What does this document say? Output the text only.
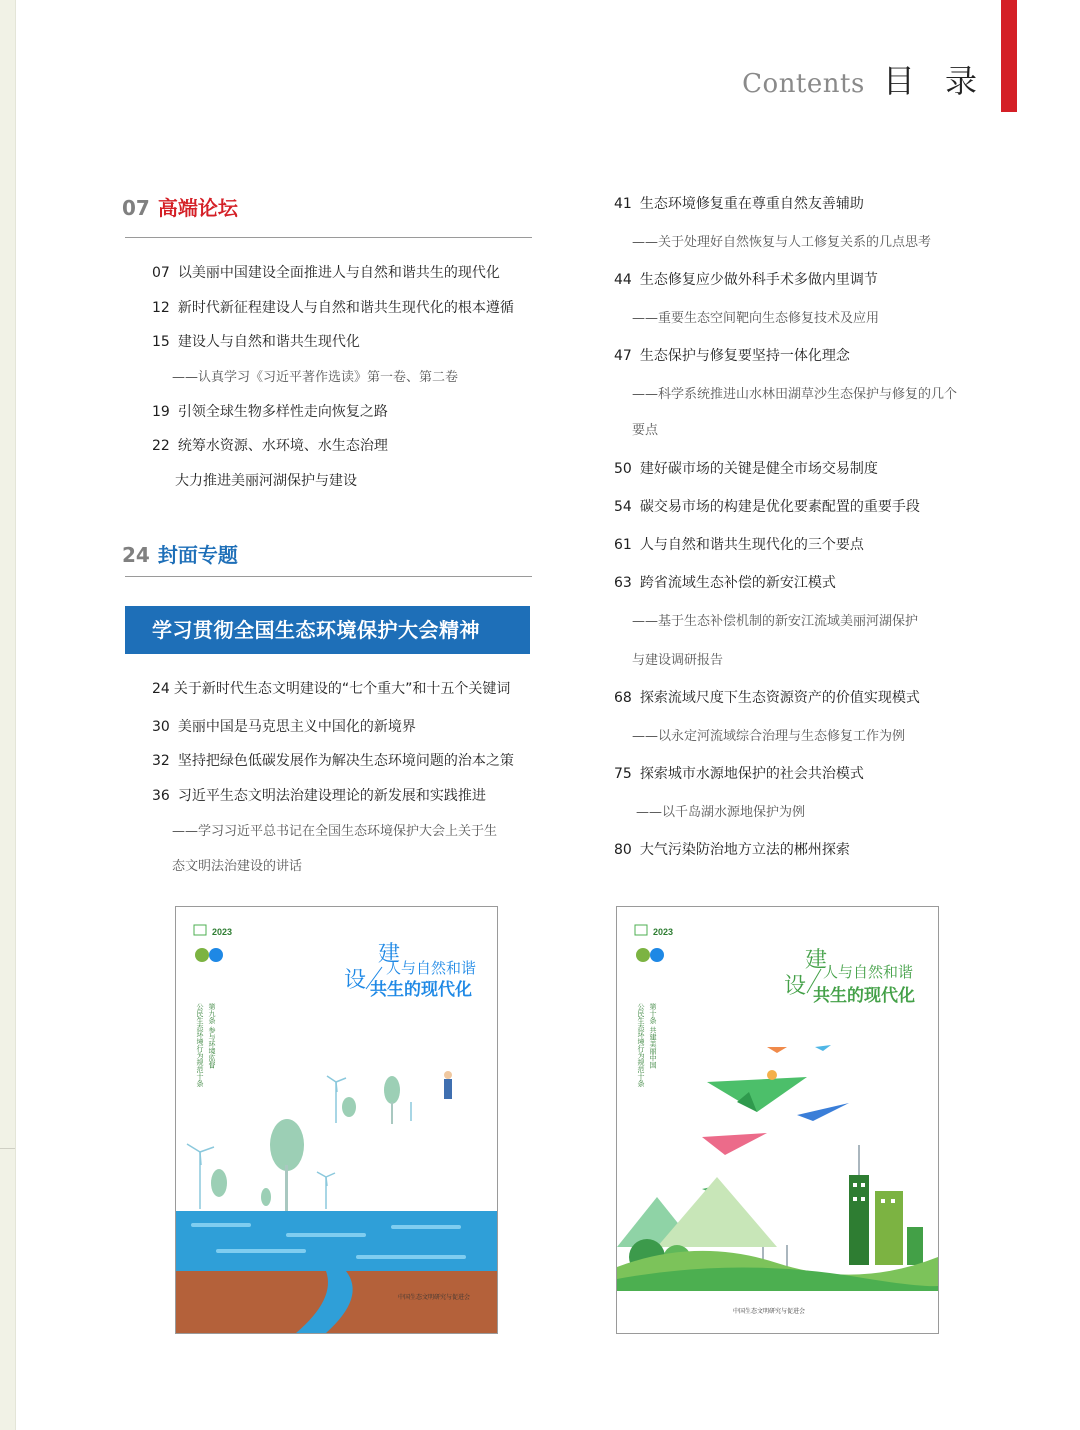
Contents 目 录
07 高端论坛
24 封面专题
学习贯彻全国生态环境保护大会精神
07 以美丽中国建设全面推进人与自然和谐共生的现代化
12 新时代新征程建设人与自然和谐共生现代化的根本遵循
15 建设人与自然和谐共生现代化
——认真学习《习近平著作选读》第一卷、第二卷
19 引领全球生物多样性走向恢复之路
22 统筹水资源、水环境、水生态治理
大力推进美丽河湖保护与建设
24 关于新时代生态文明建设的“七个重大”和十五个关键词
30 美丽中国是马克思主义中国化的新境界
32 坚持把绿色低碳发展作为解决生态环境问题的治本之策
36 习近平生态文明法治建设理论的新发展和实践推进
——学习习近平总书记在全国生态环境保护大会上关于生
态文明法治建设的讲话
41 生态环境修复重在尊重自然友善辅助
——关于处理好自然恢复与人工修复关系的几点思考
44 生态修复应少做外科手术多做内里调节
——重要生态空间靶向生态修复技术及应用
47 生态保护与修复要坚持一体化理念
——科学系统推进山水林田湖草沙生态保护与修复的几个
要点
50 建好碳市场的关键是健全市场交易制度
54 碳交易市场的构建是优化要素配置的重要手段
61 人与自然和谐共生现代化的三个要点
63 跨省流域生态补偿的新安江模式
——基于生态补偿机制的新安江流域美丽河湖保护
与建设调研报告
68 探索流域尺度下生态资源资产的价值实现模式
——以永定河流域综合治理与生态修复工作为例
75 探索城市水源地保护的社会共治模式
——以千岛湖水源地保护为例
80 大气污染防治地方立法的郴州探索
2023
建
设 人与自然和谐
共生的现代化
第九条 参与环境监督
公民生态环境行为规范十条
中国生态文明研究与促进会
2023
建
设
人与自然和谐
共生的现代化
第十条 共建美丽中国
公民生态环境行为规范十条
中国生态文明研究与促进会
